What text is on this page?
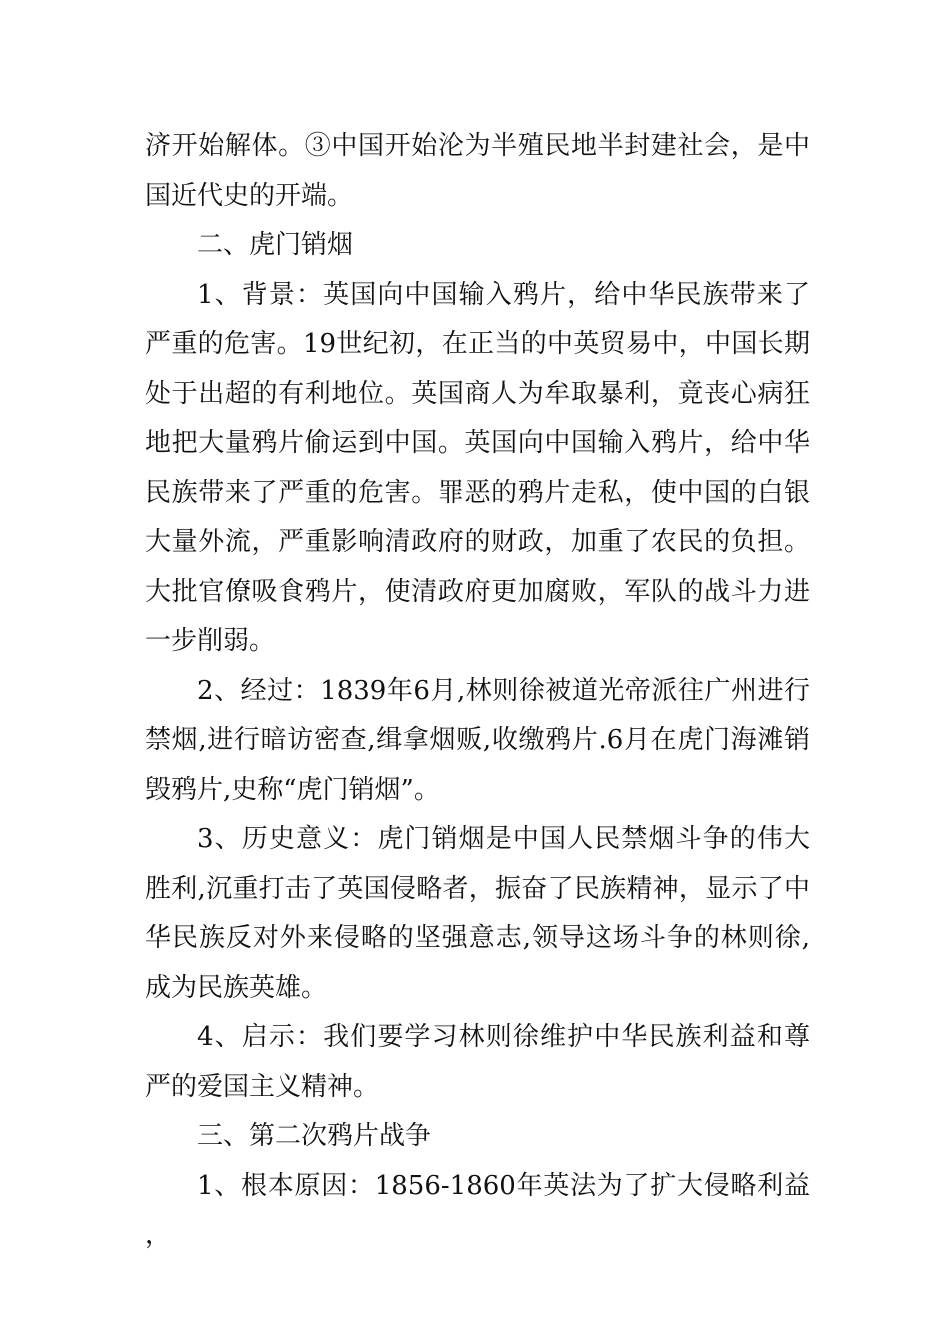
济开始解体。③中国开始沦为半殖民地半封建社会，是中国近代史的开端。

二、虎门销烟

1、背景：英国向中国输入鸦片，给中华民族带来了严重的危害。19世纪初，在正当的中英贸易中，中国长期处于出超的有利地位。英国商人为牟取暴利，竟丧心病狂地把大量鸦片偷运到中国。英国向中国输入鸦片，给中华民族带来了严重的危害。罪恶的鸦片走私，使中国的白银大量外流，严重影响清政府的财政，加重了农民的负担。大批官僚吸食鸦片，使清政府更加腐败，军队的战斗力进一步削弱。

2、经过：1839年6月,林则徐被道光帝派往广州进行禁烟,进行暗访密查,缉拿烟贩,收缴鸦片.6月在虎门海滩销毁鸦片,史称“虎门销烟”。

3、历史意义：虎门销烟是中国人民禁烟斗争的伟大胜利,沉重打击了英国侵略者，振奋了民族精神，显示了中华民族反对外来侵略的坚强意志,领导这场斗争的林则徐,成为民族英雄。

4、启示：我们要学习林则徐维护中华民族利益和尊严的爱国主义精神。

三、第二次鸦片战争

1、根本原因：1856-1860年英法为了扩大侵略利益，
